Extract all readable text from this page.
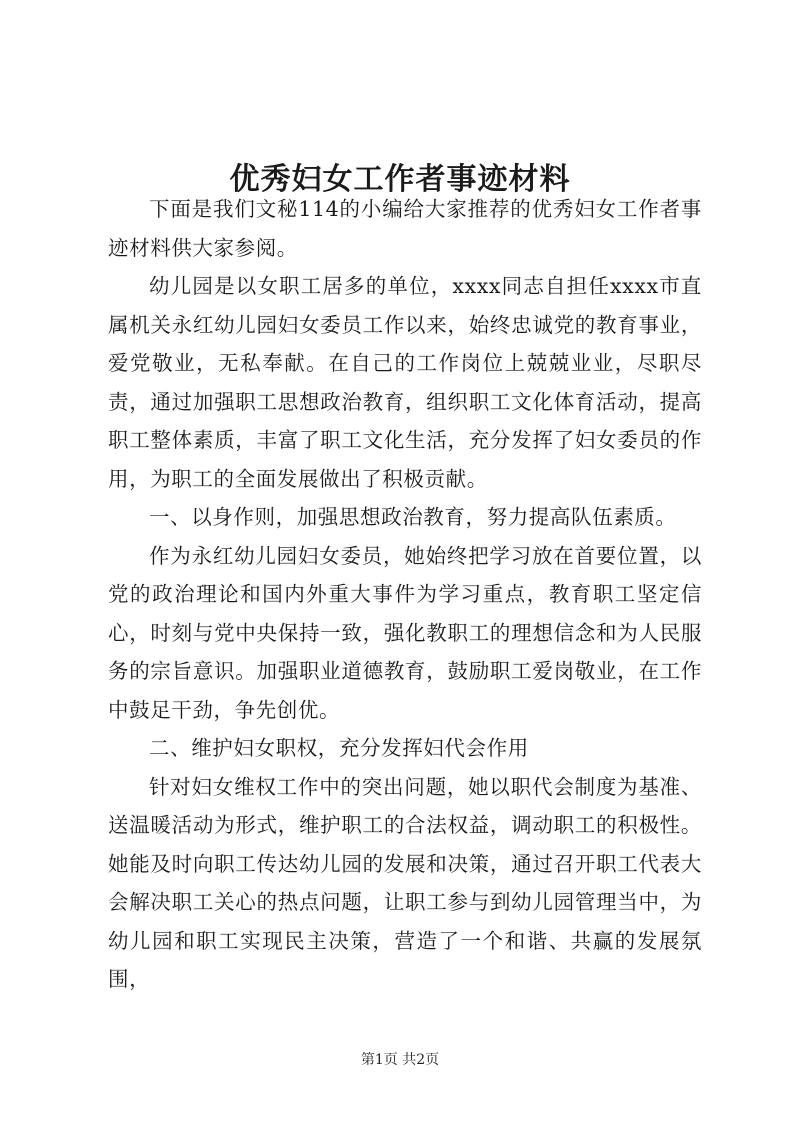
优秀妇女工作者事迹材料

下面是我们文秘114的小编给大家推荐的优秀妇女工作者事迹材料供大家参阅。

幼儿园是以女职工居多的单位，xxxx同志自担任xxxx市直属机关永红幼儿园妇女委员工作以来，始终忠诚党的教育事业，爱党敬业，无私奉献。在自己的工作岗位上兢兢业业，尽职尽责，通过加强职工思想政治教育，组织职工文化体育活动，提高职工整体素质，丰富了职工文化生活，充分发挥了妇女委员的作用，为职工的全面发展做出了积极贡献。

一、以身作则，加强思想政治教育，努力提高队伍素质。

作为永红幼儿园妇女委员，她始终把学习放在首要位置，以党的政治理论和国内外重大事件为学习重点，教育职工坚定信心，时刻与党中央保持一致，强化教职工的理想信念和为人民服务的宗旨意识。加强职业道德教育，鼓励职工爱岗敬业，在工作中鼓足干劲，争先创优。

二、维护妇女职权，充分发挥妇代会作用

针对妇女维权工作中的突出问题，她以职代会制度为基准、送温暖活动为形式，维护职工的合法权益，调动职工的积极性。她能及时向职工传达幼儿园的发展和决策，通过召开职工代表大会解决职工关心的热点问题，让职工参与到幼儿园管理当中，为幼儿园和职工实现民主决策，营造了一个和谐、共赢的发展氛围，

第1页 共2页
